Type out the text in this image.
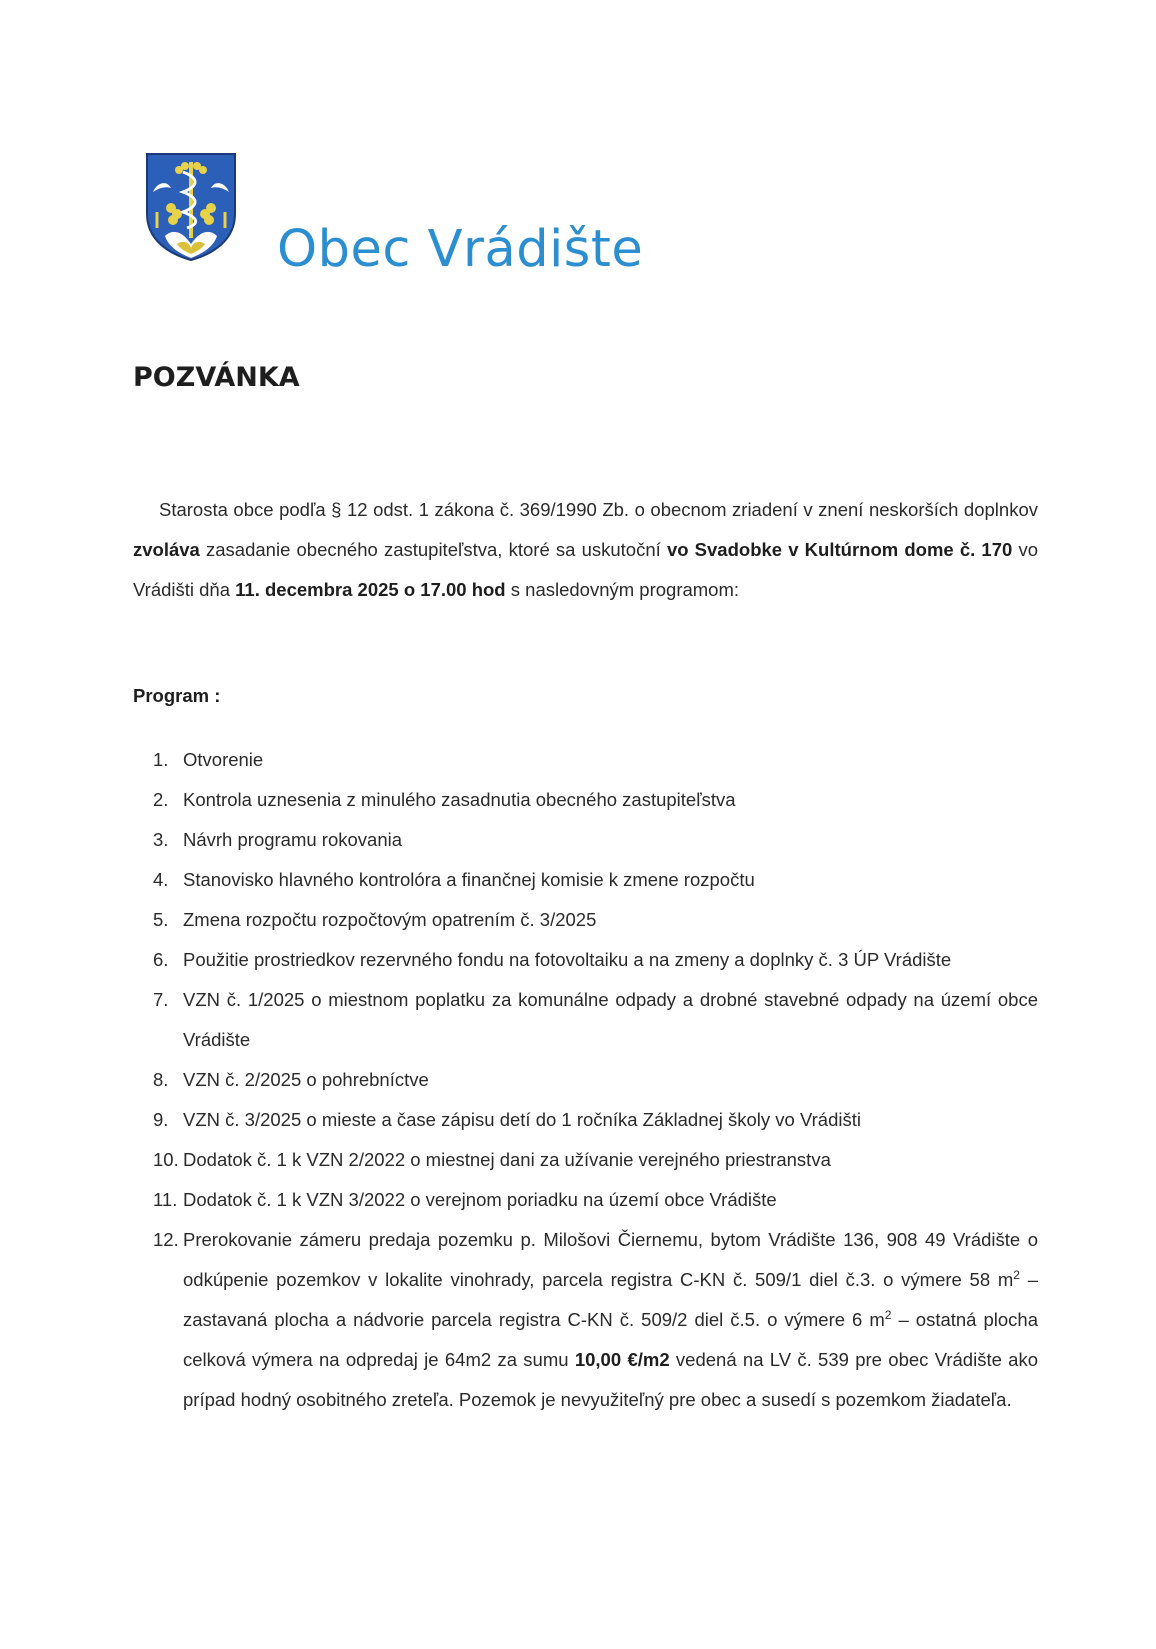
Obec Vrádište
POZVÁNKA
Starosta obce podľa § 12 odst. 1 zákona č. 369/1990 Zb. o obecnom zriadení v znení neskorších doplnkov zvoláva zasadanie obecného zastupiteľstva, ktoré sa uskutoční vo Svadobke v Kultúrnom dome č. 170 vo Vrádišti dňa 11. decembra 2025 o 17.00 hod s nasledovným programom:
Program :
1. Otvorenie
2. Kontrola uznesenia z minulého zasadnutia obecného zastupiteľstva
3. Návrh programu rokovania
4. Stanovisko hlavného kontrolóra a finančnej komisie k zmene rozpočtu
5. Zmena rozpočtu rozpočtovým opatrením č. 3/2025
6. Použitie prostriedkov rezervného fondu na fotovoltaiku a na zmeny a doplnky č. 3 ÚP Vrádište
7. VZN č. 1/2025 o miestnom poplatku za komunálne odpady a drobné stavebné odpady na území obce Vrádište
8. VZN č. 2/2025 o pohrebníctve
9. VZN č. 3/2025 o mieste a čase zápisu detí do 1 ročníka Základnej školy vo Vrádišti
10. Dodatok č. 1 k VZN 2/2022 o miestnej dani za užívanie verejného priestranstva
11. Dodatok č. 1 k VZN 3/2022 o verejnom poriadku na území obce Vrádište
12. Prerokovanie zámeru predaja pozemku p. Milošovi Čiernemu, bytom Vrádište 136, 908 49 Vrádište o odkúpenie pozemkov v lokalite vinohrady, parcela registra C-KN č. 509/1 diel č.3. o výmere 58 $m^2$ – zastavaná plocha a nádvorie parcela registra C-KN č. 509/2 diel č.5. o výmere 6 $m^2$ – ostatná plocha celková výmera na odpredaj je 64m2 za sumu 10,00 €/m2 vedená na LV č. 539 pre obec Vrádište ako prípad hodný osobitného zreteľa. Pozemok je nevyužiteľný pre obec a susedí s pozemkom žiadateľa.
